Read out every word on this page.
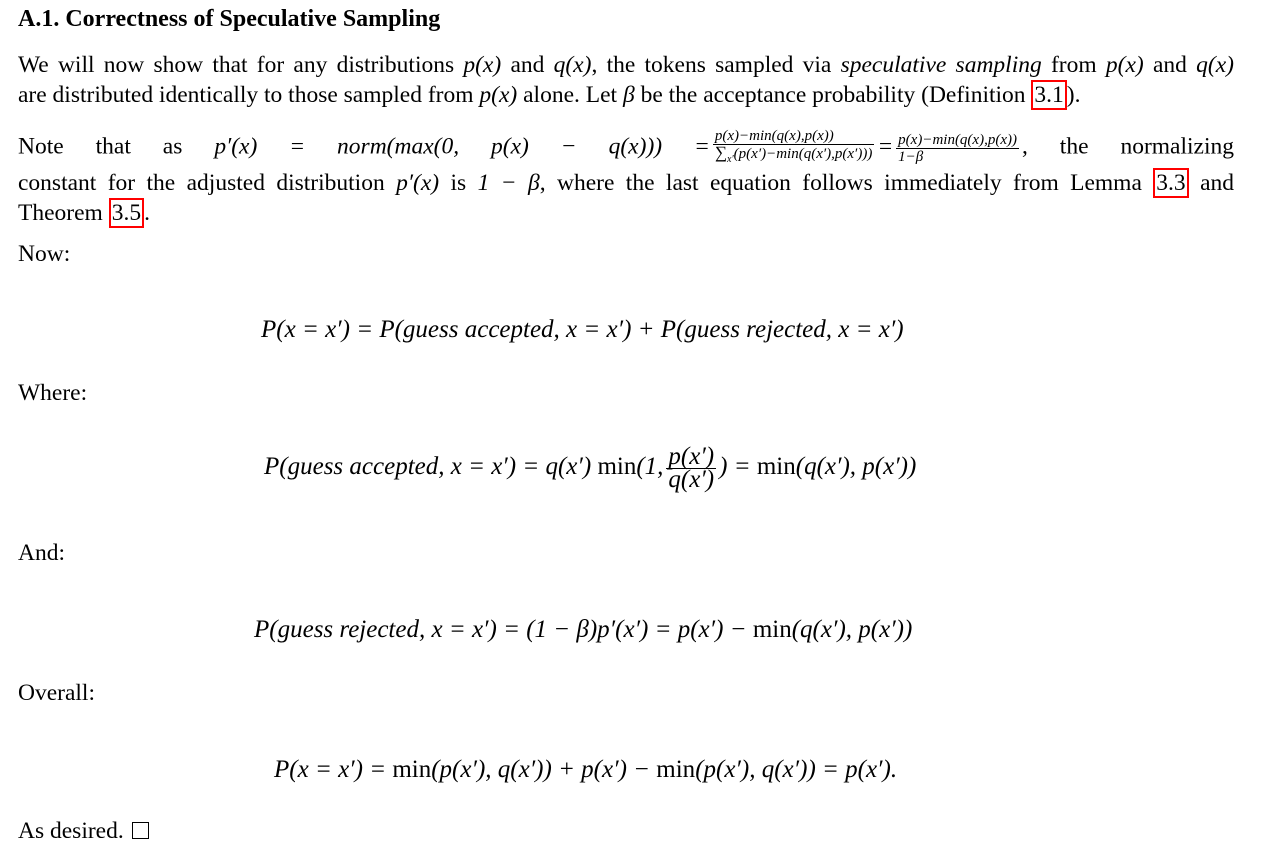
A.1. Correctness of Speculative Sampling
We will now show that for any distributions p(x) and q(x), the tokens sampled via speculative sampling from p(x) and q(x)
are distributed identically to those sampled from p(x) alone. Let β be the acceptance probability (Definition 3.1 ).
Note that as p′(x) = norm(max(0, $p(x) - q(x))) = \frac{p(x)-\min(q(x),p(x))}{\sum_{x'}(p(x')-\min(q(x'),p(x')))} = \frac{p(x)-\min(q(x),p(x))}{1-\beta}$ , the normalizing
constant for the adjusted distribution p′(x) is 1 − β, where the last equation follows immediately from Lemma 3.3 and
Theorem 3.5 .
Now:
P(x = x′) = P(guess accepted, x = x′) + P(guess rejected, x = x′)
Where:
P(guess accepted, x = x′) = q(x′) min(1, $\frac{p(x')}{q(x')}$ ) = min(q(x′), p(x′))
And:
P(guess rejected, x = x′) = (1 − β)p′(x′) = p(x′) − min(q(x′), p(x′))
Overall:
P(x = x′) = min(p(x′), q(x′)) + p(x′) − min(p(x′), q(x′)) = p(x′).
As desired.
